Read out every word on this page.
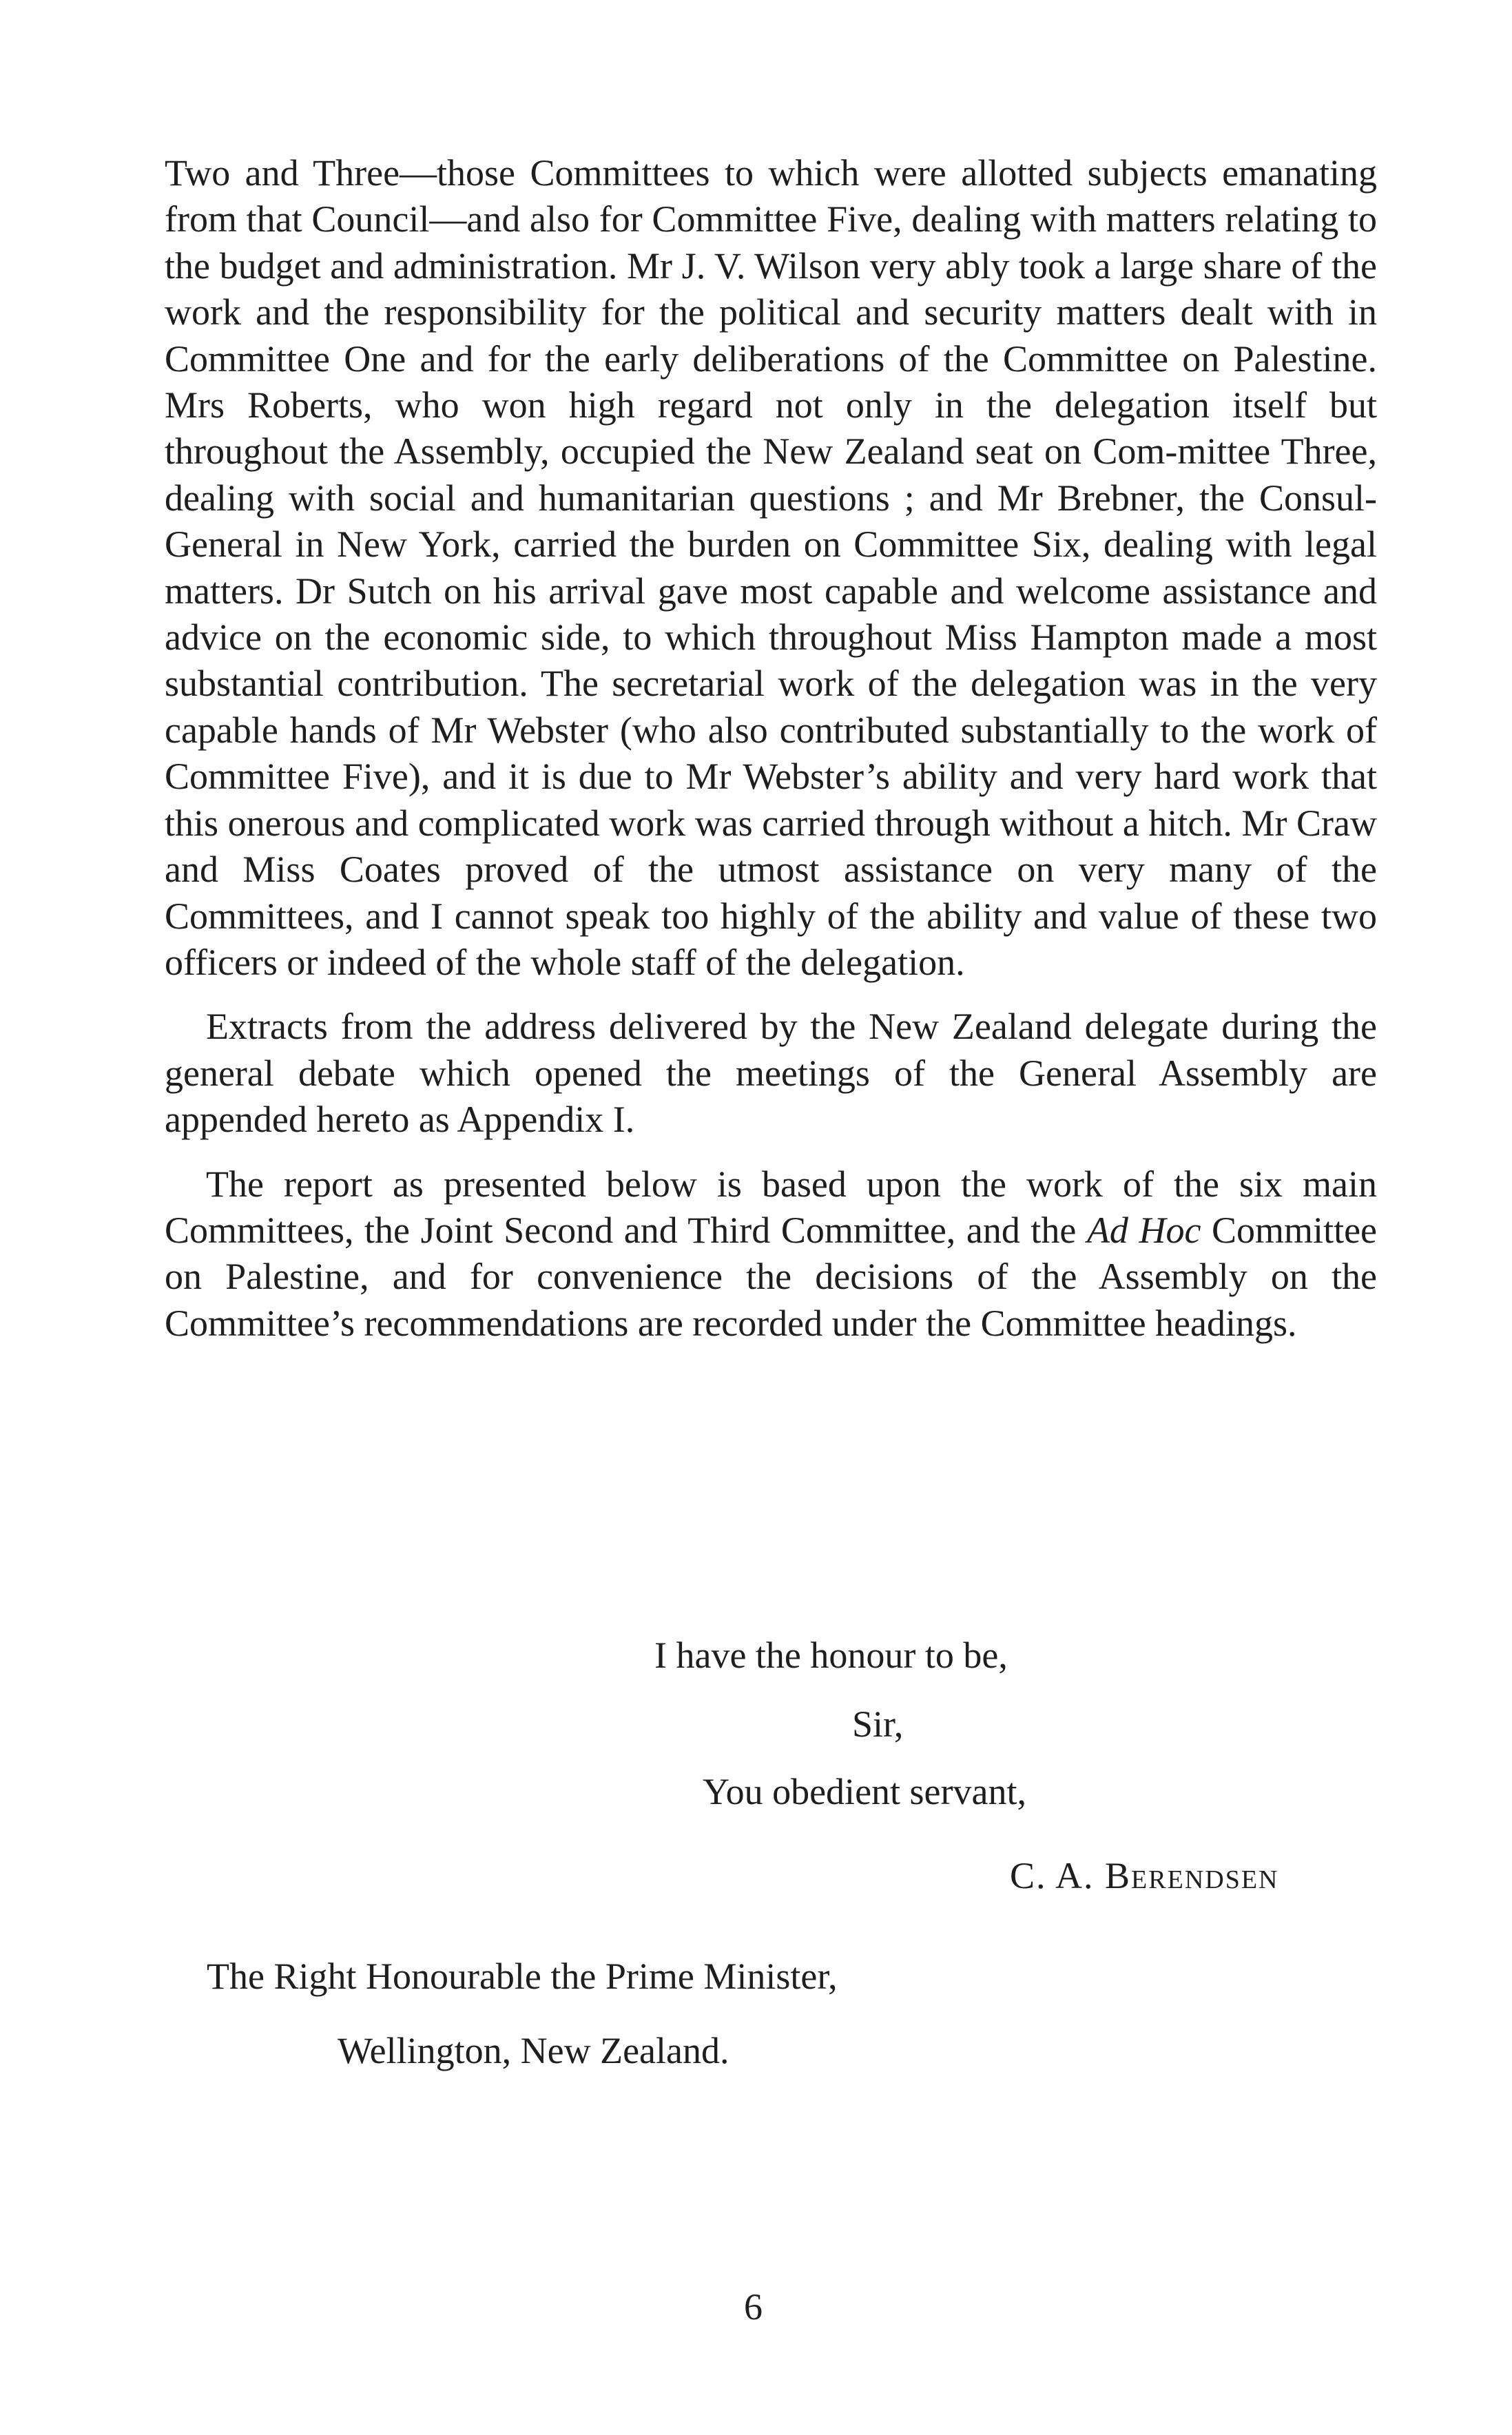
Two and Three—those Committees to which were allotted subjects emanating from that Council—and also for Committee Five, dealing with matters relating to the budget and administration. Mr J. V. Wilson very ably took a large share of the work and the responsibility for the political and security matters dealt with in Committee One and for the early deliberations of the Committee on Palestine. Mrs Roberts, who won high regard not only in the delegation itself but throughout the Assembly, occupied the New Zealand seat on Com-mittee Three, dealing with social and humanitarian questions ; and Mr Brebner, the Consul-General in New York, carried the burden on Committee Six, dealing with legal matters. Dr Sutch on his arrival gave most capable and welcome assistance and advice on the economic side, to which throughout Miss Hampton made a most substantial contribution. The secretarial work of the delegation was in the very capable hands of Mr Webster (who also contributed substantially to the work of Committee Five), and it is due to Mr Webster’s ability and very hard work that this onerous and complicated work was carried through without a hitch. Mr Craw and Miss Coates proved of the utmost assistance on very many of the Committees, and I cannot speak too highly of the ability and value of these two officers or indeed of the whole staff of the delegation.

Extracts from the address delivered by the New Zealand delegate during the general debate which opened the meetings of the General Assembly are appended hereto as Appendix I.

The report as presented below is based upon the work of the six main Committees, the Joint Second and Third Committee, and the Ad Hoc Committee on Palestine, and for convenience the decisions of the Assembly on the Committee’s recommendations are recorded under the Committee headings.

I have the honour to be,
Sir,
You obedient servant,
C. A. Berendsen
The Right Honourable the Prime Minister,
Wellington, New Zealand.
6
